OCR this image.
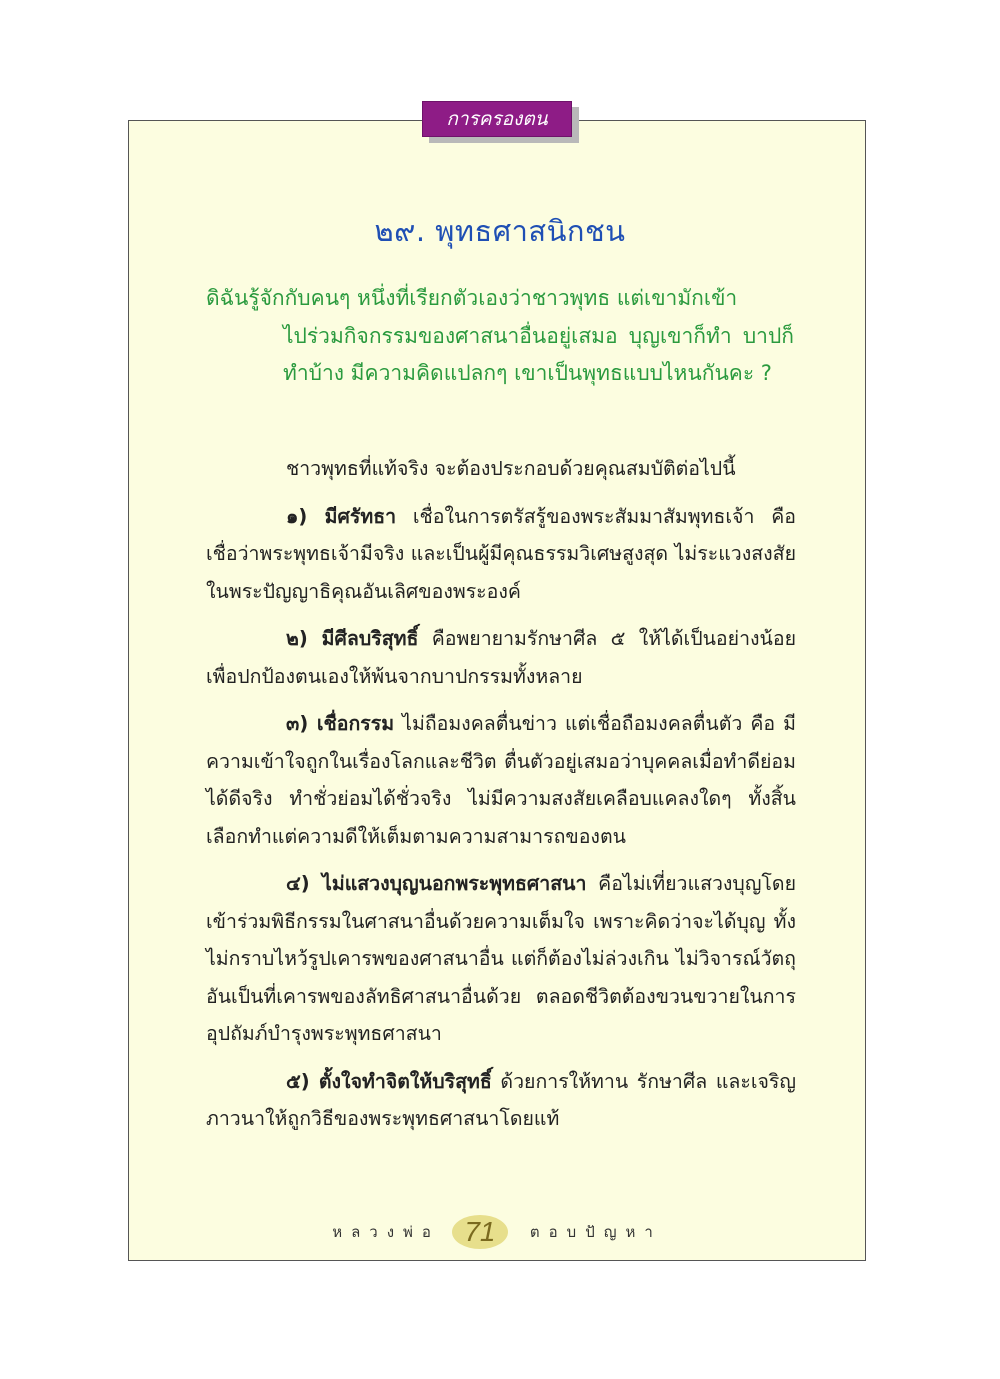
การครองตน
๒๙. พุทธศาสนิกชน

ดิฉันรู้จักกับคนๆ หนึ่งที่เรียกตัวเองว่าชาวพุทธ แต่เขามักเข้า

ไปร่วมกิจกรรมของศาสนาอื่นอยู่เสมอ บุญเขาก็ทำ บาปก็ทำบ้าง มีความคิดแปลกๆ เขาเป็นพุทธแบบไหนกันคะ ?

ชาวพุทธที่แท้จริง จะต้องประกอบด้วยคุณสมบัติต่อไปนี้

๑) มีศรัทธา เชื่อในการตรัสรู้ของพระสัมมาสัมพุทธเจ้า คือ เชื่อว่าพระพุทธเจ้ามีจริง และเป็นผู้มีคุณธรรมวิเศษสูงสุด ไม่ระแวงสงสัยในพระปัญญาธิคุณอันเลิศของพระองค์

๒) มีศีลบริสุทธิ์ คือพยายามรักษาศีล ๕ ให้ได้เป็นอย่างน้อย เพื่อปกป้องตนเองให้พ้นจากบาปกรรมทั้งหลาย

๓) เชื่อกรรม ไม่ถือมงคลตื่นข่าว แต่เชื่อถือมงคลตื่นตัว คือ มีความเข้าใจถูกในเรื่องโลกและชีวิต ตื่นตัวอยู่เสมอว่าบุคคลเมื่อทำดีย่อมได้ดีจริง ทำชั่วย่อมได้ชั่วจริง ไม่มีความสงสัยเคลือบแคลงใดๆ ทั้งสิ้น เลือกทำแต่ความดีให้เต็มตามความสามารถของตน

๔) ไม่แสวงบุญนอกพระพุทธศาสนา คือไม่เที่ยวแสวงบุญโดยเข้าร่วมพิธีกรรมในศาสนาอื่นด้วยความเต็มใจ เพราะคิดว่าจะได้บุญ ทั้งไม่กราบไหว้รูปเคารพของศาสนาอื่น แต่ก็ต้องไม่ล่วงเกิน ไม่วิจารณ์วัตถุอันเป็นที่เคารพของลัทธิศาสนาอื่นด้วย ตลอดชีวิตต้องขวนขวายในการอุปถัมภ์บำรุงพระพุทธศาสนา

๕) ตั้งใจทำจิตให้บริสุทธิ์ ด้วยการให้ทาน รักษาศีล และเจริญภาวนาให้ถูกวิธีของพระพุทธศาสนาโดยแท้

หลวงพ่อ 71	ตอบปัญหา
